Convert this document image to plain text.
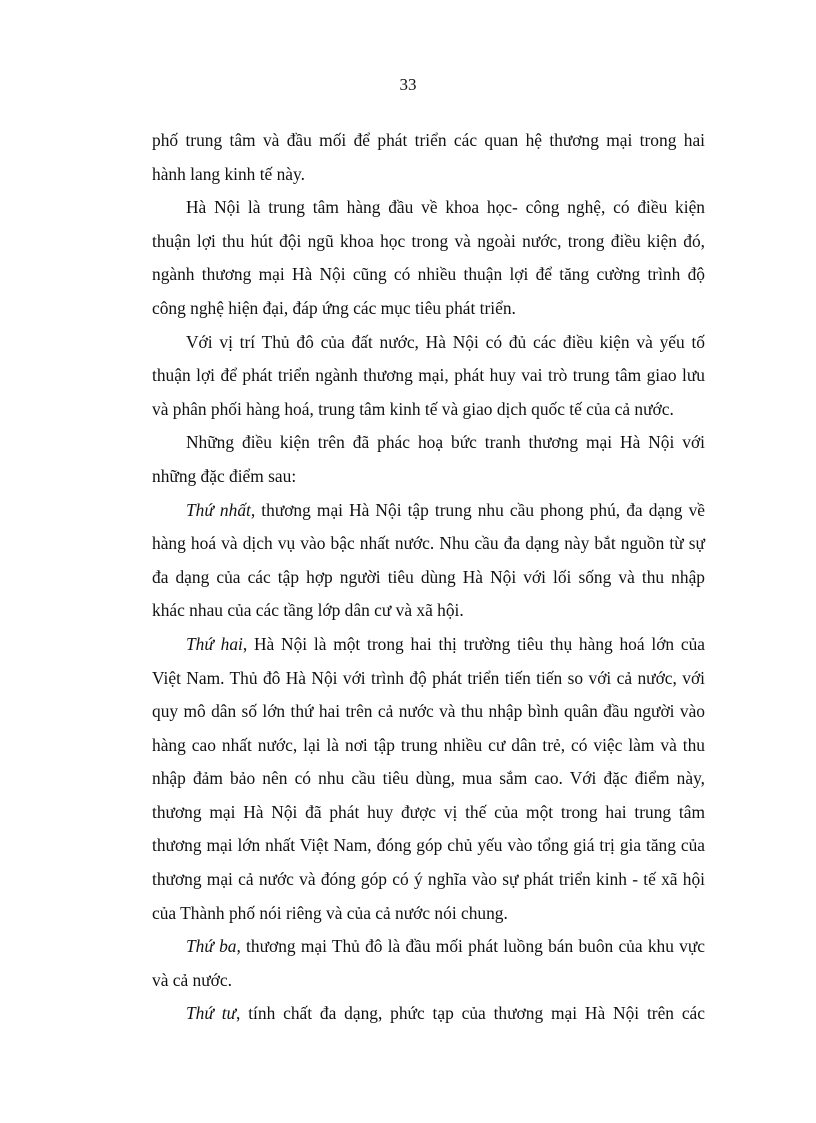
33
phố trung tâm và đầu mối để phát triển các quan hệ thương mại trong hai
hành lang kinh tế này.
Hà Nội là trung tâm hàng đầu về khoa học- công nghệ, có điều kiện
thuận lợi thu hút đội ngũ khoa học trong và ngoài nước, trong điều kiện đó,
ngành thương mại Hà Nội cũng có nhiều thuận lợi để tăng cường trình độ
công nghệ hiện đại, đáp ứng các mục tiêu phát triển.
Với vị trí Thủ đô của đất nước, Hà Nội có đủ các điều kiện và yếu tố
thuận lợi để phát triển ngành thương mại, phát huy vai trò trung tâm giao lưu
và phân phối hàng hoá, trung tâm kinh tế và giao dịch quốc tế của cả nước.
Những điều kiện trên đã phác hoạ bức tranh thương mại Hà Nội với
những đặc điểm sau:
Thứ nhất, thương mại Hà Nội tập trung nhu cầu phong phú, đa dạng về
hàng hoá và dịch vụ vào bậc nhất nước. Nhu cầu đa dạng này bắt nguồn từ sự
đa dạng của các tập hợp người tiêu dùng Hà Nội với lối sống và thu nhập
khác nhau của các tầng lớp dân cư và xã hội.
Thứ hai, Hà Nội là một trong hai thị trường tiêu thụ hàng hoá lớn của
Việt Nam. Thủ đô Hà Nội với trình độ phát triển tiến tiến so với cả nước, với
quy mô dân số lớn thứ hai trên cả nước và thu nhập bình quân đầu người vào
hàng cao nhất nước, lại là nơi tập trung nhiều cư dân trẻ, có việc làm và thu
nhập đảm bảo nên có nhu cầu tiêu dùng, mua sắm cao. Với đặc điểm này,
thương mại Hà Nội đã phát huy được vị thế của một trong hai trung tâm
thương mại lớn nhất Việt Nam, đóng góp chủ yếu vào tổng giá trị gia tăng của
thương mại cả nước và đóng góp có ý nghĩa vào sự phát triển kinh - tế xã hội
của Thành phố nói riêng và của cả nước nói chung.
Thứ ba, thương mại Thủ đô là đầu mối phát luồng bán buôn của khu vực
và cả nước.
Thứ tư, tính chất đa dạng, phức tạp của thương mại Hà Nội trên các
